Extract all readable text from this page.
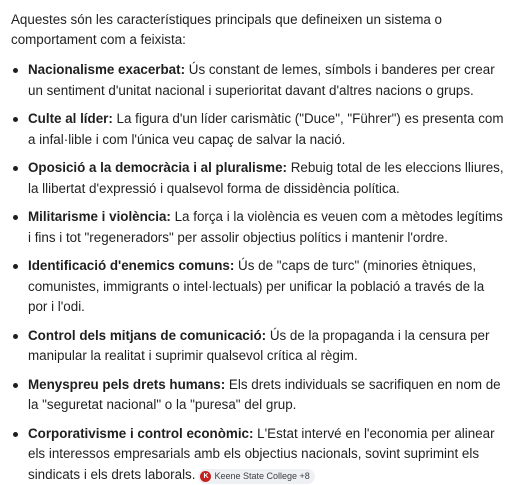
Aquestes són les característiques principals que defineixen un sistema o comportament com a feixista:

Nacionalisme exacerbat: Ús constant de lemes, símbols i banderes per crear un sentiment d'unitat nacional i superioritat davant d'altres nacions o grups.
Culte al líder: La figura d'un líder carismàtic ("Duce", "Führer") es presenta com a infal·lible i com l'única veu capaç de salvar la nació.
Oposició a la democràcia i al pluralisme: Rebuig total de les eleccions lliures, la llibertat d'expressió i qualsevol forma de dissidència política.
Militarisme i violència: La força i la violència es veuen com a mètodes legítims i fins i tot "regeneradors" per assolir objectius polítics i mantenir l'ordre.
Identificació d'enemics comuns: Ús de "caps de turc" (minories ètniques, comunistes, immigrants o intel·lectuals) per unificar la població a través de la por i l'odi.
Control dels mitjans de comunicació: Ús de la propaganda i la censura per manipular la realitat i suprimir qualsevol crítica al règim.
Menyspreu pels drets humans: Els drets individuals se sacrifiquen en nom de la "seguretat nacional" o la "puresa" del grup.
Corporativisme i control econòmic: L'Estat intervé en l'economia per alinear els interessos empresarials amb els objectius nacionals, sovint suprimint els sindicats i els drets laborals.	K Keene State College +8
